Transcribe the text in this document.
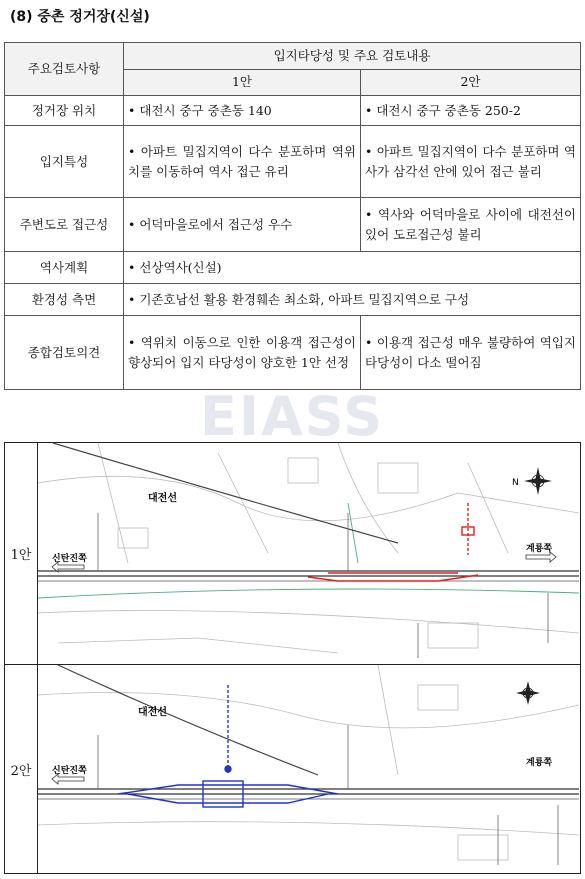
(8) 중촌 정거장(신설)
주요검토사항	입지타당성 및 주요 검토내용	
	1안	2안
정거장 위치	• 대전시 중구 중촌동 140	• 대전시 중구 중촌동 250-2
입지특성	• 아파트 밀집지역이 다수 분포하며 역위치를 이동하여 역사 접근 유리	• 아파트 밀집지역이 다수 분포하며 역사가 삼각선 안에 있어 접근 불리
주변도로 접근성	• 어덕마을로에서 접근성 우수	• 역사와 어덕마을로 사이에 대전선이 있어 도로접근성 불리
역사계획	• 선상역사(신설)	
환경성 측면	• 기존호남선 활용 환경훼손 최소화, 아파트 밀집지역으로 구성	
종합검토의견	• 역위치 이동으로 인한 이용객 접근성이 향상되어 입지 타당성이 양호한 1안 선정	• 이용객 접근성 매우 불량하여 역입지 타당성이 다소 떨어짐
EIASS
1안
대전선
신탄진쪽
계룡쪽
N
2안
대전선
신탄진쪽
계룡쪽
